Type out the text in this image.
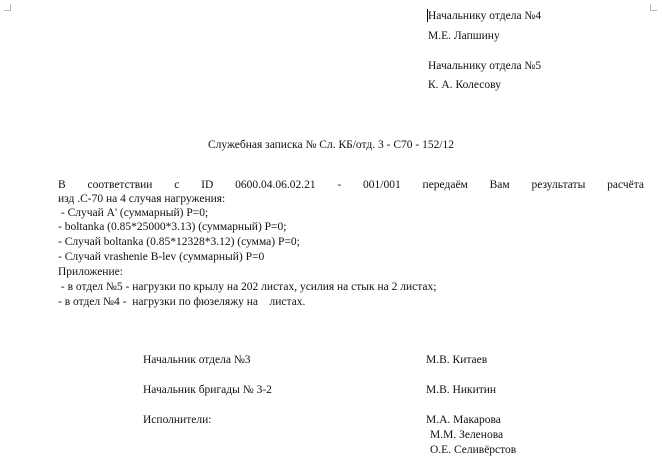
Начальнику отдела №4
М.Е. Лапшину
Начальнику отдела №5
К. А. Колесову
Служебная записка № Сл. КБ/отд. 3 - С70 - 152/12
В соответствии с ID 0600.04.06.02.21 - 001/001 передаём Вам результаты расчёта
изд .С-70 на 4 случая нагружения:
- Случай А' (суммарный) Р=0;
- boltanka (0.85*25000*3.13) (суммарный) Р=0;
- Случай boltanka (0.85*12328*3.12) (сумма) Р=0;
- Случай vrashenie B-lev (суммарный) Р=0
Приложение:
- в отдел №5 - нагрузки по крылу на 202 листах, усилия на стык на 2 листах;
- в отдел №4 -  нагрузки по фюзеляжу на    листах.
Начальник отдела №3	М.В. Китаев
Начальник бригады № 3-2	М.В. Никитин
Исполнители:	М.А. Макарова
М.М. Зеленова
О.Е. Селивёрстов
